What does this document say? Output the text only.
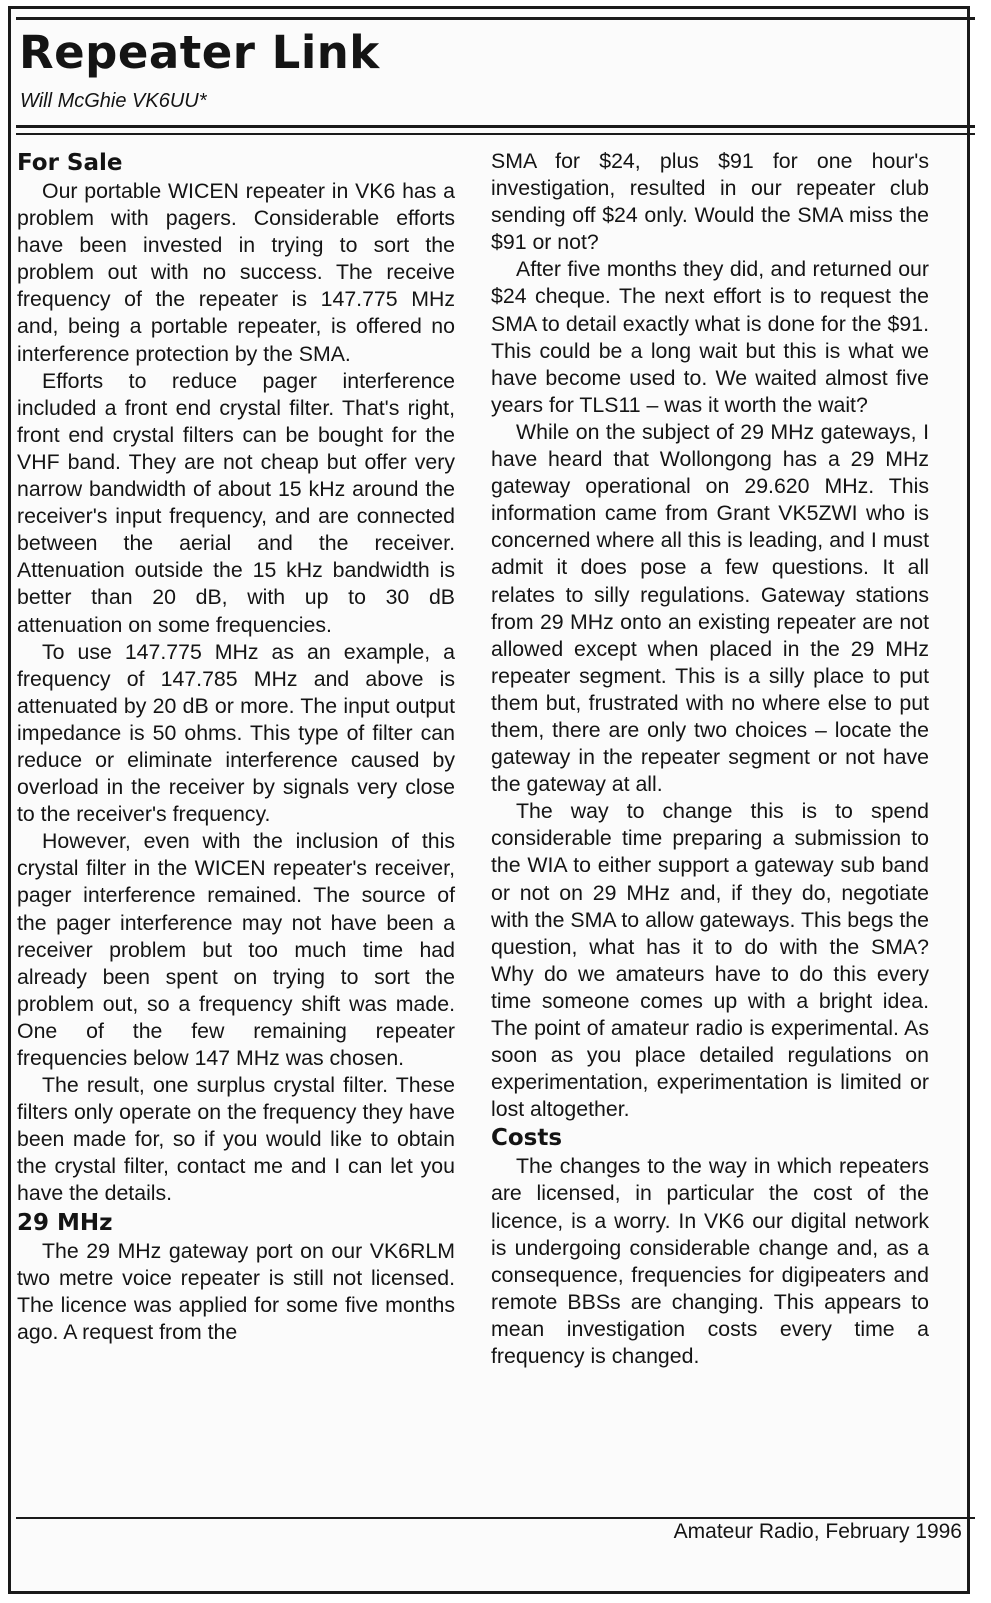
Repeater Link
Will McGhie VK6UU*
For Sale

Our portable WICEN repeater in VK6 has a problem with pagers. Considerable efforts have been invested in trying to sort the problem out with no success. The receive frequency of the repeater is 147.775 MHz and, being a portable repeater, is offered no interference protection by the SMA.

Efforts to reduce pager interference included a front end crystal filter. That's right, front end crystal filters can be bought for the VHF band. They are not cheap but offer very narrow bandwidth of about 15 kHz around the receiver's input frequency, and are connected between the aerial and the receiver. Attenuation outside the 15 kHz bandwidth is better than 20 dB, with up to 30 dB attenuation on some frequencies.

To use 147.775 MHz as an example, a frequency of 147.785 MHz and above is attenuated by 20 dB or more. The input output impedance is 50 ohms. This type of filter can reduce or eliminate interference caused by overload in the receiver by signals very close to the receiver's frequency.

However, even with the inclusion of this crystal filter in the WICEN repeater's receiver, pager interference remained. The source of the pager interference may not have been a receiver problem but too much time had already been spent on trying to sort the problem out, so a frequency shift was made. One of the few remaining repeater frequencies below 147 MHz was chosen.

The result, one surplus crystal filter. These filters only operate on the frequency they have been made for, so if you would like to obtain the crystal filter, contact me and I can let you have the details.

29 MHz

The 29 MHz gateway port on our VK6RLM two metre voice repeater is still not licensed. The licence was applied for some five months ago. A request from the

SMA for $24, plus $91 for one hour's investigation, resulted in our repeater club sending off $24 only. Would the SMA miss the $91 or not?

After five months they did, and returned our $24 cheque. The next effort is to request the SMA to detail exactly what is done for the $91. This could be a long wait but this is what we have become used to. We waited almost five years for TLS11 – was it worth the wait?

While on the subject of 29 MHz gateways, I have heard that Wollongong has a 29 MHz gateway operational on 29.620 MHz. This information came from Grant VK5ZWI who is concerned where all this is leading, and I must admit it does pose a few questions. It all relates to silly regulations. Gateway stations from 29 MHz onto an existing repeater are not allowed except when placed in the 29 MHz repeater segment. This is a silly place to put them but, frustrated with no where else to put them, there are only two choices – locate the gateway in the repeater segment or not have the gateway at all.

The way to change this is to spend considerable time preparing a submission to the WIA to either support a gateway sub band or not on 29 MHz and, if they do, negotiate with the SMA to allow gateways. This begs the question, what has it to do with the SMA? Why do we amateurs have to do this every time someone comes up with a bright idea. The point of amateur radio is experimental. As soon as you place detailed regulations on experimentation, experimentation is limited or lost altogether.

Costs

The changes to the way in which repeaters are licensed, in particular the cost of the licence, is a worry. In VK6 our digital network is undergoing considerable change and, as a consequence, frequencies for digipeaters and remote BBSs are changing. This appears to mean investigation costs every time a frequency is changed.

Amateur Radio, February 1996
